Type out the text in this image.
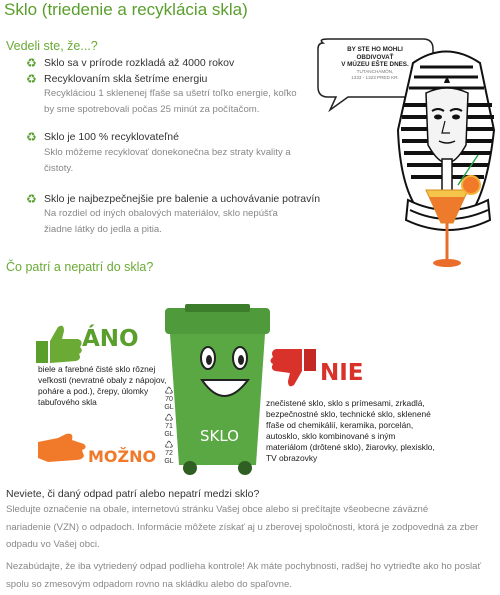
Sklo (triedenie a recyklácia skla)
Vedeli ste, že...?
♻ Sklo sa v prírode rozkladá až 4000 rokov
♻ Recyklovaním skla šetríme energiu
Recykláciou 1 sklenenej fľaše sa ušetrí toľko energie, koľko
by sme spotrebovali počas 25 minút za počítačom.
♻ Sklo je 100 % recyklovateľné
Sklo môžeme recyklovať donekonečna bez straty kvality a
čistoty.
♻ Sklo je najbezpečnejšie pre balenie a uchovávanie potravín
Na rozdiel od iných obalových materiálov, sklo nepúšťa
žiadne látky do jedla a pitia.
BY STE HO MOHLI
OBDIVOVAŤ
V MÚZEU EŠTE DNES.
TUTANCHAMÓN,
1333 - 1323 PRED KR.
Čo patrí a nepatrí do skla?
ÁNO
biele a farebné čisté sklo rôznej
veľkosti (nevratné obaly z nápojov,
poháre a pod.), črepy, úlomky
tabuľového skla
MOŽNO
SKLO
♺
70
GL
♺
71
GL
♺
72
GL
NIE
znečistené sklo, sklo s prímesami, zrkadlá,
bezpečnostné sklo, technické sklo, sklenené
fľaše od chemikálií, keramika, porcelán,
autosklo, sklo kombinované s iným
materiálom (drôtené sklo), žiarovky, plexisklo,
TV obrazovky
Neviete, či daný odpad patrí alebo nepatrí medzi sklo?
Sledujte označenie na obale, internetovú stránku Vašej obce alebo si prečítajte všeobecne záväzné
nariadenie (VZN) o odpadoch. Informácie môžete získať aj u zberovej spoločnosti, ktorá je zodpovedná za zber
odpadu vo Vašej obci.
Nezabúdajte, že iba vytriedený odpad podlieha kontrole! Ak máte pochybnosti, radšej ho vytrieďte ako ho poslať
spolu so zmesovým odpadom rovno na skládku alebo do spaľovne.
